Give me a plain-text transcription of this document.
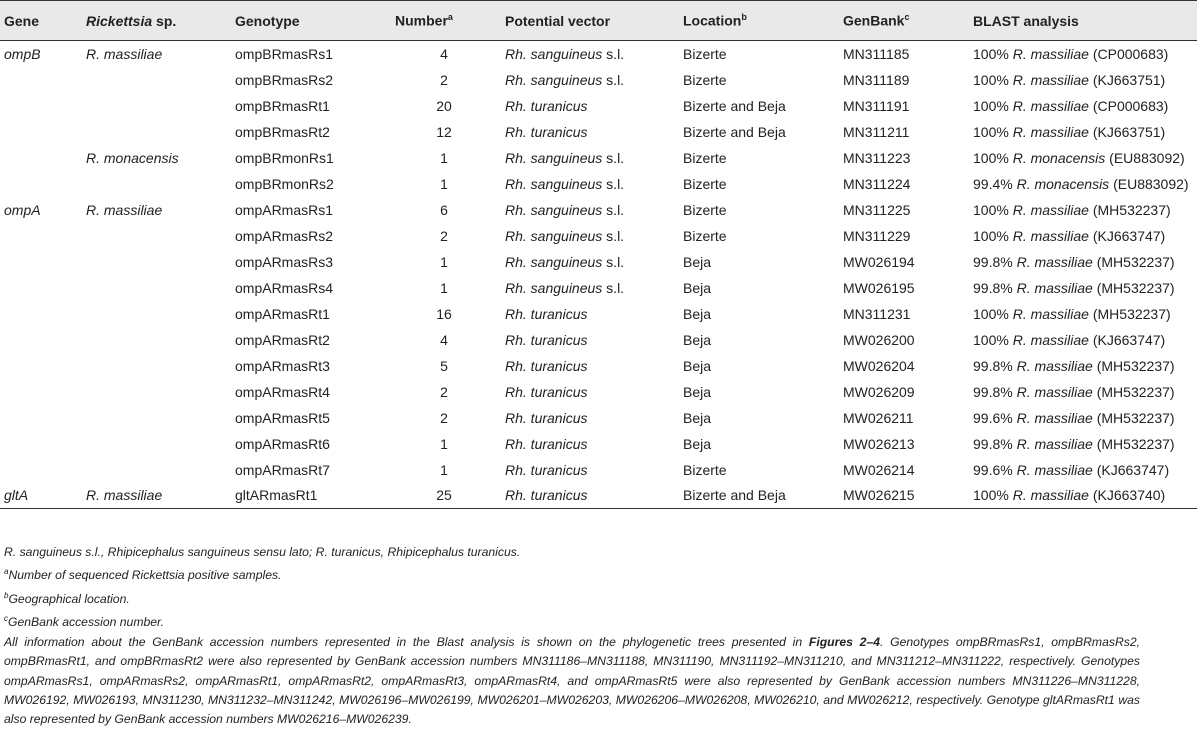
Gene	Rickettsia sp.	Genotype	Number$^a$	Potential vector	Location$^b$	GenBank$^c$	BLAST analysis
ompB	R. massiliae	ompBRmasRs1	4	Rh. sanguineus s.l.	Bizerte	MN311185	100% R. massiliae (CP000683)
		ompBRmasRs2	2	Rh. sanguineus s.l.	Bizerte	MN311189	100% R. massiliae (KJ663751)
		ompBRmasRt1	20	Rh. turanicus	Bizerte and Beja	MN311191	100% R. massiliae (CP000683)
		ompBRmasRt2	12	Rh. turanicus	Bizerte and Beja	MN311211	100% R. massiliae (KJ663751)
	R. monacensis	ompBRmonRs1	1	Rh. sanguineus s.l.	Bizerte	MN311223	100% R. monacensis (EU883092)
		ompBRmonRs2	1	Rh. sanguineus s.l.	Bizerte	MN311224	99.4% R. monacensis (EU883092)
ompA	R. massiliae	ompARmasRs1	6	Rh. sanguineus s.l.	Bizerte	MN311225	100% R. massiliae (MH532237)
		ompARmasRs2	2	Rh. sanguineus s.l.	Bizerte	MN311229	100% R. massiliae (KJ663747)
		ompARmasRs3	1	Rh. sanguineus s.l.	Beja	MW026194	99.8% R. massiliae (MH532237)
		ompARmasRs4	1	Rh. sanguineus s.l.	Beja	MW026195	99.8% R. massiliae (MH532237)
		ompARmasRt1	16	Rh. turanicus	Beja	MN311231	100% R. massiliae (MH532237)
		ompARmasRt2	4	Rh. turanicus	Beja	MW026200	100% R. massiliae (KJ663747)
		ompARmasRt3	5	Rh. turanicus	Beja	MW026204	99.8% R. massiliae (MH532237)
		ompARmasRt4	2	Rh. turanicus	Beja	MW026209	99.8% R. massiliae (MH532237)
		ompARmasRt5	2	Rh. turanicus	Beja	MW026211	99.6% R. massiliae (MH532237)
		ompARmasRt6	1	Rh. turanicus	Beja	MW026213	99.8% R. massiliae (MH532237)
		ompARmasRt7	1	Rh. turanicus	Bizerte	MW026214	99.6% R. massiliae (KJ663747)
gltA	R. massiliae	gltARmasRt1	25	Rh. turanicus	Bizerte and Beja	MW026215	100% R. massiliae (KJ663740)

R. sanguineus s.l., Rhipicephalus sanguineus sensu lato; R. turanicus, Rhipicephalus turanicus.

$^a$Number of sequenced Rickettsia positive samples.

$^b$Geographical location.

$^c$GenBank accession number.

All information about the GenBank accession numbers represented in the Blast analysis is shown on the phylogenetic trees presented in Figures 2–4. Genotypes ompBRmasRs1, ompBRmasRs2, ompBRmasRt1, and ompBRmasRt2 were also represented by GenBank accession numbers MN311186–MN311188, MN311190, MN311192–MN311210, and MN311212–MN311222, respectively. Genotypes ompARmasRs1, ompARmasRs2, ompARmasRt1, ompARmasRt2, ompARmasRt3, ompARmasRt4, and ompARmasRt5 were also represented by GenBank accession numbers MN311226–MN311228, MW026192, MW026193, MN311230, MN311232–MN311242, MW026196–MW026199, MW026201–MW026203, MW026206–MW026208, MW026210, and MW026212, respectively. Genotype gltARmasRt1 was also represented by GenBank accession numbers MW026216–MW026239.
